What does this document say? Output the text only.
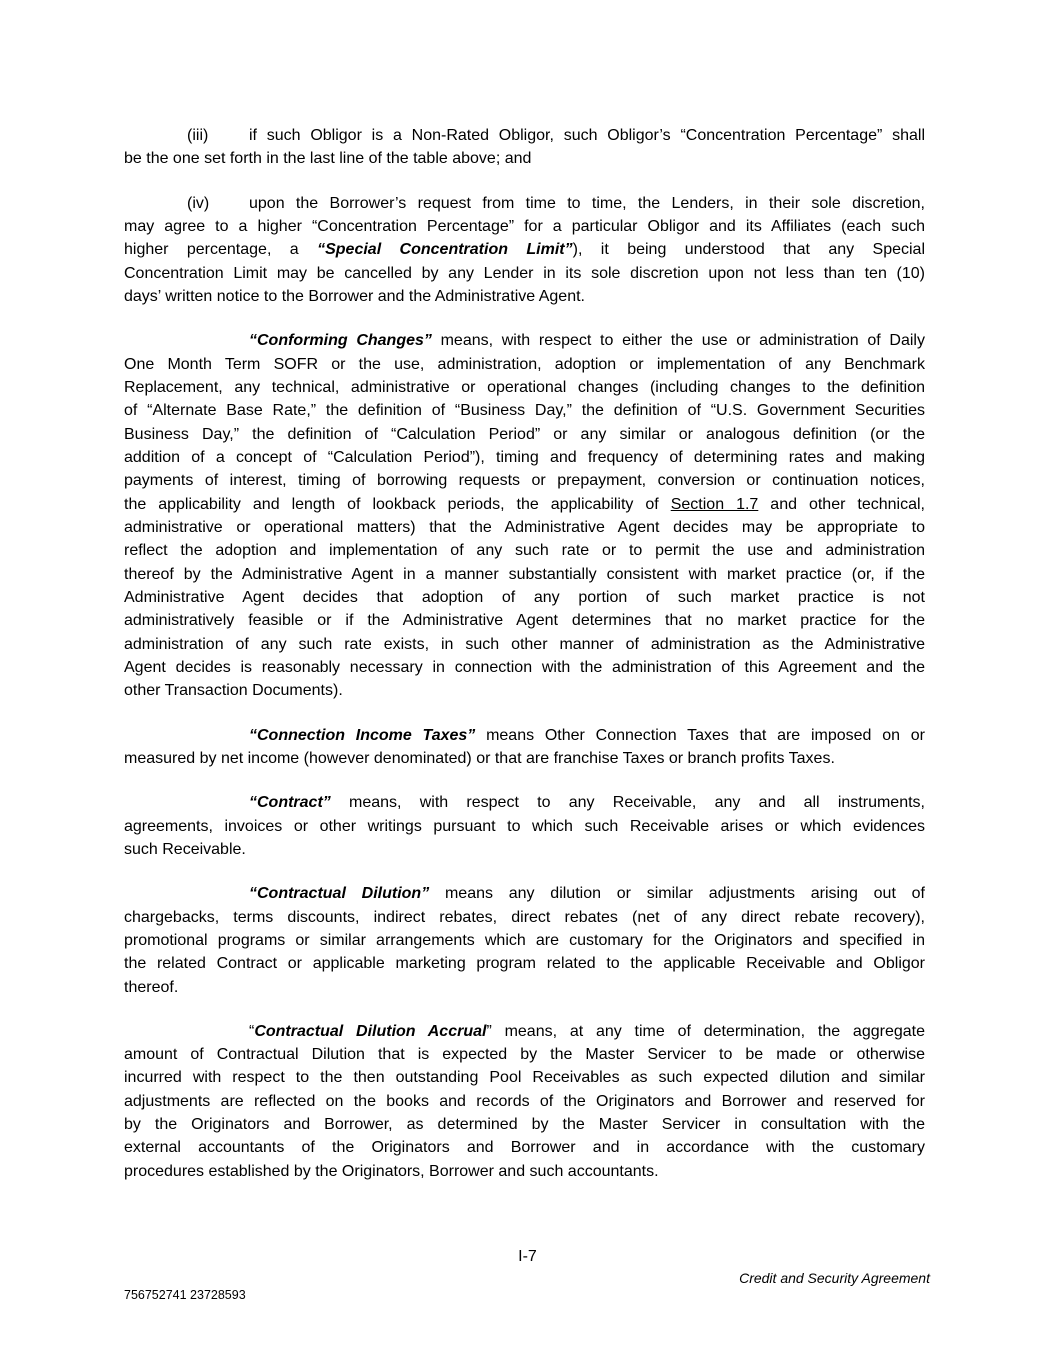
(iii)	if such Obligor is a Non-Rated Obligor, such Obligor’s “Concentration Percentage” shall
be the one set forth in the last line of the table above; and
(iv) upon the Borrower’s request from time to time, the Lenders, in their sole discretion,
may agree to a higher “Concentration Percentage” for a particular Obligor and its Affiliates (each such
higher percentage, a “Special Concentration Limit”), it being understood that any Special
Concentration Limit may be cancelled by any Lender in its sole discretion upon not less than ten (10)
days’ written notice to the Borrower and the Administrative Agent.
“Conforming Changes” means, with respect to either the use or administration of Daily
One Month Term SOFR or the use, administration, adoption or implementation of any Benchmark
Replacement, any technical, administrative or operational changes (including changes to the definition
of “Alternate Base Rate,” the definition of “Business Day,” the definition of “U.S. Government Securities
Business Day,” the definition of “Calculation Period” or any similar or analogous definition (or the
addition of a concept of “Calculation Period”), timing and frequency of determining rates and making
payments of interest, timing of borrowing requests or prepayment, conversion or continuation notices,
the applicability and length of lookback periods, the applicability of Section 1.7 and other technical,
administrative or operational matters) that the Administrative Agent decides may be appropriate to
reflect the adoption and implementation of any such rate or to permit the use and administration
thereof by the Administrative Agent in a manner substantially consistent with market practice (or, if the
Administrative Agent decides that adoption of any portion of such market practice is not
administratively feasible or if the Administrative Agent determines that no market practice for the
administration of any such rate exists, in such other manner of administration as the Administrative
Agent decides is reasonably necessary in connection with the administration of this Agreement and the
other Transaction Documents).
“Connection Income Taxes” means Other Connection Taxes that are imposed on or
measured by net income (however denominated) or that are franchise Taxes or branch profits Taxes.
“Contract” means, with respect to any Receivable, any and all instruments,
agreements, invoices or other writings pursuant to which such Receivable arises or which evidences
such Receivable.
“Contractual Dilution” means any dilution or similar adjustments arising out of
chargebacks, terms discounts, indirect rebates, direct rebates (net of any direct rebate recovery),
promotional programs or similar arrangements which are customary for the Originators and specified in
the related Contract or applicable marketing program related to the applicable Receivable and Obligor
thereof.
“Contractual Dilution Accrual” means, at any time of determination, the aggregate
amount of Contractual Dilution that is expected by the Master Servicer to be made or otherwise
incurred with respect to the then outstanding Pool Receivables as such expected dilution and similar
adjustments are reflected on the books and records of the Originators and Borrower and reserved for
by the Originators and Borrower, as determined by the Master Servicer in consultation with the
external accountants of the Originators and Borrower and in accordance with the customary
procedures established by the Originators, Borrower and such accountants.
I-7
Credit and Security Agreement
756752741 23728593
